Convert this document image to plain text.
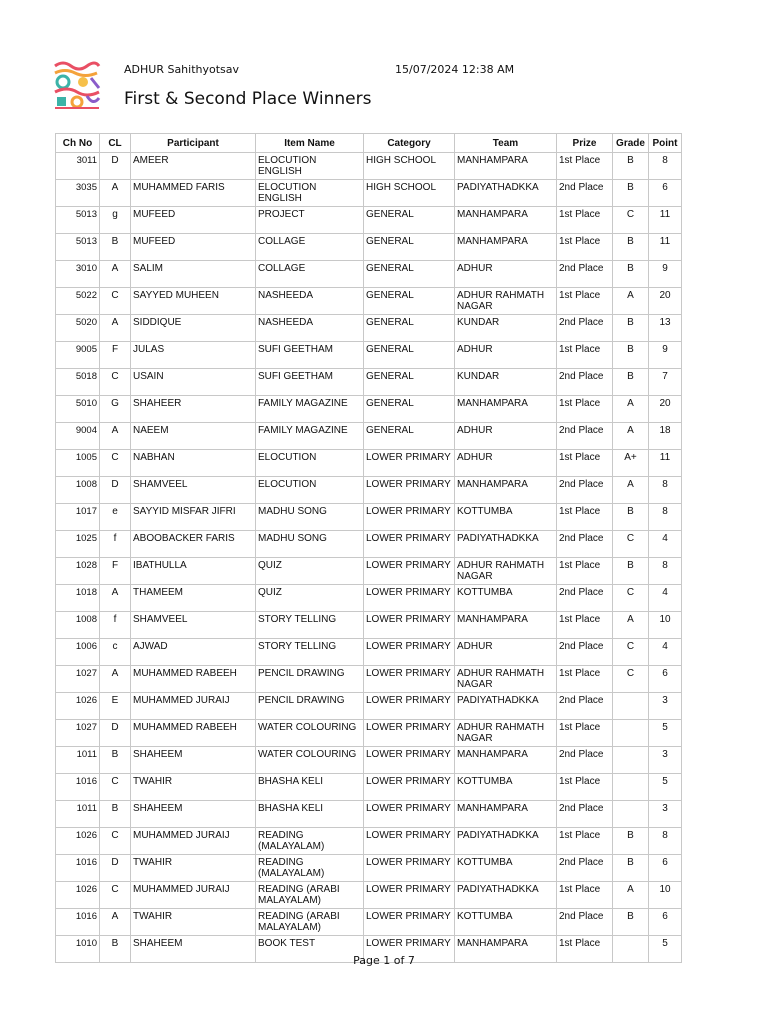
ADHUR Sahithyotsav	15/07/2024 12:38 AM
First & Second Place Winners
Ch No	CL	Participant	Item Name	Category	Team	Prize	Grade	Point
3011	D	AMEER	ELOCUTION ENGLISH	HIGH SCHOOL	MANHAMPARA	1st Place	B	8
3035	A	MUHAMMED FARIS	ELOCUTION ENGLISH	HIGH SCHOOL	PADIYATHADKKA	2nd Place	B	6
5013	g	MUFEED	PROJECT	GENERAL	MANHAMPARA	1st Place	C	11
5013	B	MUFEED	COLLAGE	GENERAL	MANHAMPARA	1st Place	B	11
3010	A	SALIM	COLLAGE	GENERAL	ADHUR	2nd Place	B	9
5022	C	SAYYED MUHEEN	NASHEEDA	GENERAL	ADHUR RAHMATH NAGAR	1st Place	A	20
5020	A	SIDDIQUE	NASHEEDA	GENERAL	KUNDAR	2nd Place	B	13
9005	F	JULAS	SUFI GEETHAM	GENERAL	ADHUR	1st Place	B	9
5018	C	USAIN	SUFI GEETHAM	GENERAL	KUNDAR	2nd Place	B	7
5010	G	SHAHEER	FAMILY MAGAZINE	GENERAL	MANHAMPARA	1st Place	A	20
9004	A	NAEEM	FAMILY MAGAZINE	GENERAL	ADHUR	2nd Place	A	18
1005	C	NABHAN	ELOCUTION	LOWER PRIMARY	ADHUR	1st Place	A+	11
1008	D	SHAMVEEL	ELOCUTION	LOWER PRIMARY	MANHAMPARA	2nd Place	A	8
1017	e	SAYYID MISFAR JIFRI	MADHU SONG	LOWER PRIMARY	KOTTUMBA	1st Place	B	8
1025	f	ABOOBACKER FARIS	MADHU SONG	LOWER PRIMARY	PADIYATHADKKA	2nd Place	C	4
1028	F	IBATHULLA	QUIZ	LOWER PRIMARY	ADHUR RAHMATH NAGAR	1st Place	B	8
1018	A	THAMEEM	QUIZ	LOWER PRIMARY	KOTTUMBA	2nd Place	C	4
1008	f	SHAMVEEL	STORY TELLING	LOWER PRIMARY	MANHAMPARA	1st Place	A	10
1006	c	AJWAD	STORY TELLING	LOWER PRIMARY	ADHUR	2nd Place	C	4
1027	A	MUHAMMED RABEEH	PENCIL DRAWING	LOWER PRIMARY	ADHUR RAHMATH NAGAR	1st Place	C	6
1026	E	MUHAMMED JURAIJ	PENCIL DRAWING	LOWER PRIMARY	PADIYATHADKKA	2nd Place		3
1027	D	MUHAMMED RABEEH	WATER COLOURING	LOWER PRIMARY	ADHUR RAHMATH NAGAR	1st Place		5
1011	B	SHAHEEM	WATER COLOURING	LOWER PRIMARY	MANHAMPARA	2nd Place		3
1016	C	TWAHIR	BHASHA KELI	LOWER PRIMARY	KOTTUMBA	1st Place		5
1011	B	SHAHEEM	BHASHA KELI	LOWER PRIMARY	MANHAMPARA	2nd Place		3
1026	C	MUHAMMED JURAIJ	READING (MALAYALAM)	LOWER PRIMARY	PADIYATHADKKA	1st Place	B	8
1016	D	TWAHIR	READING (MALAYALAM)	LOWER PRIMARY	KOTTUMBA	2nd Place	B	6
1026	C	MUHAMMED JURAIJ	READING (ARABI MALAYALAM)	LOWER PRIMARY	PADIYATHADKKA	1st Place	A	10
1016	A	TWAHIR	READING (ARABI MALAYALAM)	LOWER PRIMARY	KOTTUMBA	2nd Place	B	6
1010	B	SHAHEEM	BOOK TEST	LOWER PRIMARY	MANHAMPARA	1st Place		5
Page 1 of 7
